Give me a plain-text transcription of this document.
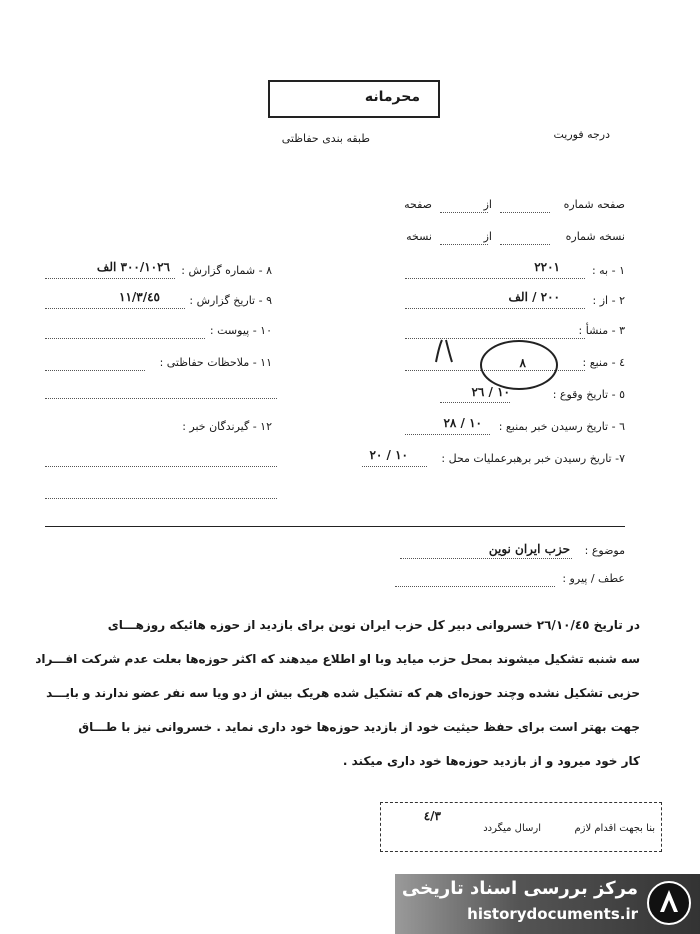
محرمانه
طبقه بندی حفاظتی	درجه فوریت
صفحه شماره
از
صفحه
نسخه شماره
از
نسخه
۱ - به :
۲۲۰۱
۲ - از :
۲۰۰ / الف
۳ - منشأ :
٤ - منبع :
۸
٥ - تاریخ وقوع :
۱۰ / ۲٦
٦ - تاریخ رسیدن خبر بمنبع :
۱۰ / ۲۸
۷- تاریخ رسیدن خبر برهبرعملیات محل :
۱۰ / ۲۰
۸ - شماره گزارش :
۳۰۰/۱۰۲٦ الف
۹ - تاریخ گزارش :
٤٥/۱۱/۳
۱۰ - پیوست :
۱۱ - ملاحظات حفاظتی :
۱۲ - گیرندگان خبر :
موضوع :
حزب ایران نوین
عطف / پیرو :
در تاریخ ٢٦/١٠/٤٥ خسروانی دبیر کل حزب ایران نوین برای بازدید از حوزه هائیکه روزهـــای
سه شنبه تشکیل میشوند بمحل حزب میاید وبا او اطلاع میدهند که اکثر حوزه‌ها بعلت عدم شرکت افـــراد
حزبی تشکیل نشده وچند حوزه‌ای هم که تشکیل شده هریک بیش از دو ویا سه نفر عضو ندارند و بایـــد
جهت بهتر است برای حفظ حیثیت خود از بازدید حوزه‌ها خود داری نماید . خسروانی نیز با طـــاق
کار خود میرود و از بازدید حوزه‌ها خود داری میکند .
بنا بجهت اقدام لازم
ارسال میگردد
۳/٤
مرکز بررسی اسناد تاریخی
historydocuments.ir
